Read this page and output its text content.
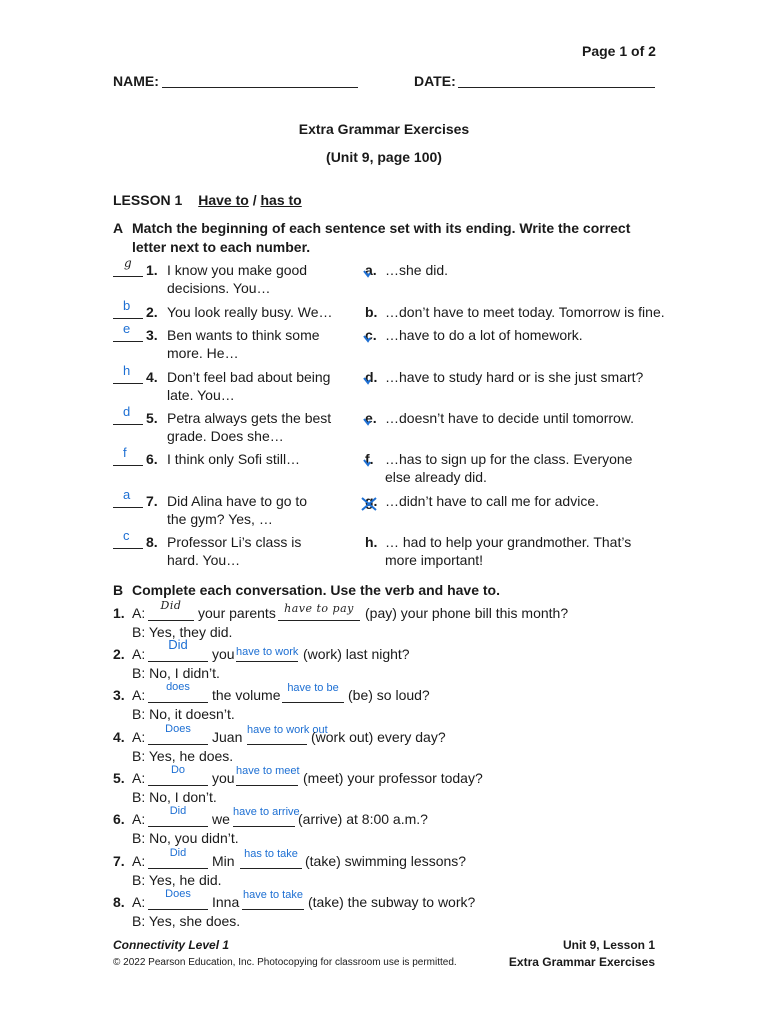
Page 1 of 2
NAME:	DATE:
Extra Grammar Exercises
(Unit 9, page 100)
LESSON 1 Have to / has to
A Match the beginning of each sentence set with its ending. Write the correct
letter next to each number.
g 1. I know you make good
decisions. You…
b 2. You look really busy. We…
e 3. Ben wants to think some
more. He…
h 4. Don’t feel bad about being
late. You…
d 5. Petra always gets the best
grade. Does she…
f 6. I think only Sofi still…
a 7. Did Alina have to go to
the gym? Yes, …
c 8. Professor Li’s class is
hard. You…
a. …she did.
b. …don’t have to meet today. Tomorrow is fine.
c. …have to do a lot of homework.
d. …have to study hard or is she just smart?
e. …doesn’t have to decide until tomorrow.
f. …has to sign up for the class. Everyone
else already did.
g. …didn’t have to call me for advice.
h. … had to help your grandmother. That’s
more important!
B Complete each conversation. Use the verb and have to.
1. A:	Did	your parents have to pay (pay) your phone bill this month?
B: Yes, they did.
2. A:
Did
you have to work (work) last night?
B: No, I didn’t.
3. A:	does	the volume have to be (be) so loud?
B: No, it doesn’t.
4. A:	Does	Juan have to work out
(work out) every day?
B: Yes, he does.
5. A:	Do	you have to meet (meet) your professor today?
B: No, I don’t.
6. A:	Did	we have to arrive
(arrive) at 8:00 a.m.?
B: No, you didn’t.
7. A:	Did	Min has to take (take) swimming lessons?
B: Yes, he did.
8. A:	Does	Inna have to take (take) the subway to work?
B: Yes, she does.
Connectivity Level 1
© 2022 Pearson Education, Inc. Photocopying for classroom use is permitted.
Unit 9, Lesson 1
Extra Grammar Exercises
